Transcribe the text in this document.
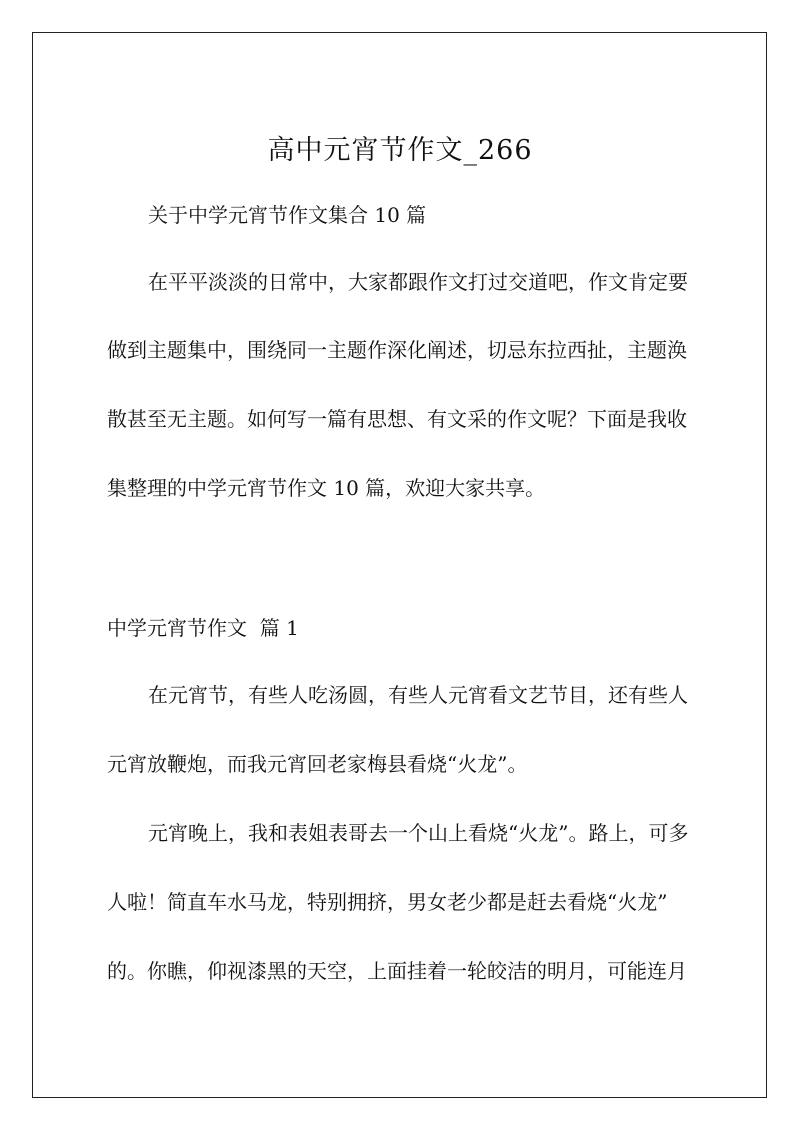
高中元宵节作文_266
关于中学元宵节作文集合 10 篇
在平平淡淡的日常中，大家都跟作文打过交道吧，作文肯定要
做到主题集中，围绕同一主题作深化阐述，切忌东拉西扯，主题涣
散甚至无主题。如何写一篇有思想、有文采的作文呢？下面是我收
集整理的中学元宵节作文 10 篇，欢迎大家共享。
中学元宵节作文  篇 1
在元宵节，有些人吃汤圆，有些人元宵看文艺节目，还有些人
元宵放鞭炮，而我元宵回老家梅县看烧“火龙”。
元宵晚上，我和表姐表哥去一个山上看烧“火龙”。路上，可多
人啦！简直车水马龙，特别拥挤，男女老少都是赶去看烧“火龙”
的。你瞧，仰视漆黑的天空，上面挂着一轮皎洁的明月，可能连月
